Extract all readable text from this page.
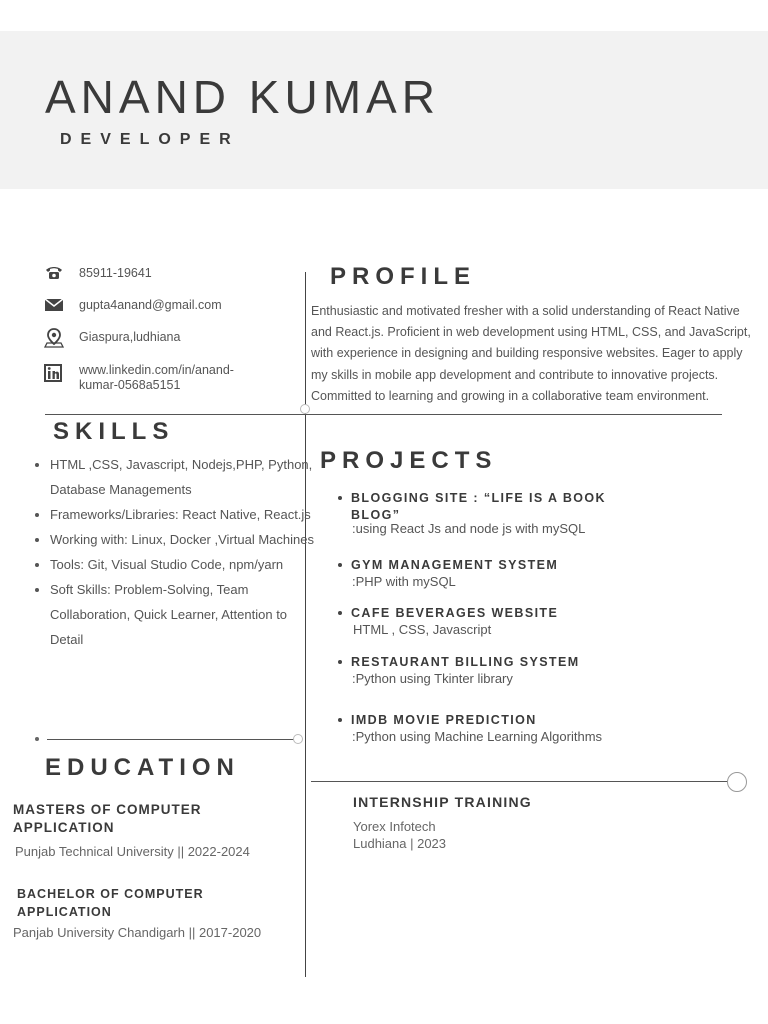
ANAND KUMAR
DEVELOPER
85911-19641
gupta4anand@gmail.com
Giaspura,ludhiana
www.linkedin.com/in/anand-
kumar-0568a5151
PROFILE
Enthusiastic and motivated fresher with a solid understanding of React Native and React.js. Proficient in web development using HTML, CSS, and JavaScript, with experience in designing and building responsive websites. Eager to apply my skills in mobile app development and contribute to innovative projects. Committed to learning and growing in a collaborative team environment.
SKILLS
• HTML ,CSS, Javascript, Nodejs,PHP, Python, Database Managements
• Frameworks/Libraries: React Native, React.js
• Working with: Linux, Docker ,Virtual Machines
• Tools: Git, Visual Studio Code, npm/yarn
• Soft Skills: Problem-Solving, Team Collaboration, Quick Learner, Attention to Detail
PROJECTS
BLOGGING SITE : “LIFE IS A BOOK BLOG”
:using React Js and node js with mySQL
GYM MANAGEMENT SYSTEM
:PHP with mySQL
CAFE BEVERAGES WEBSITE
HTML , CSS, Javascript
RESTAURANT BILLING SYSTEM
:Python using Tkinter library
IMDB MOVIE PREDICTION
:Python using Machine Learning Algorithms
EDUCATION
MASTERS OF COMPUTER APPLICATION
Punjab Technical University || 2022-2024
BACHELOR OF COMPUTER APPLICATION
Panjab University Chandigarh || 2017-2020
INTERNSHIP TRAINING
Yorex Infotech
Ludhiana | 2023
